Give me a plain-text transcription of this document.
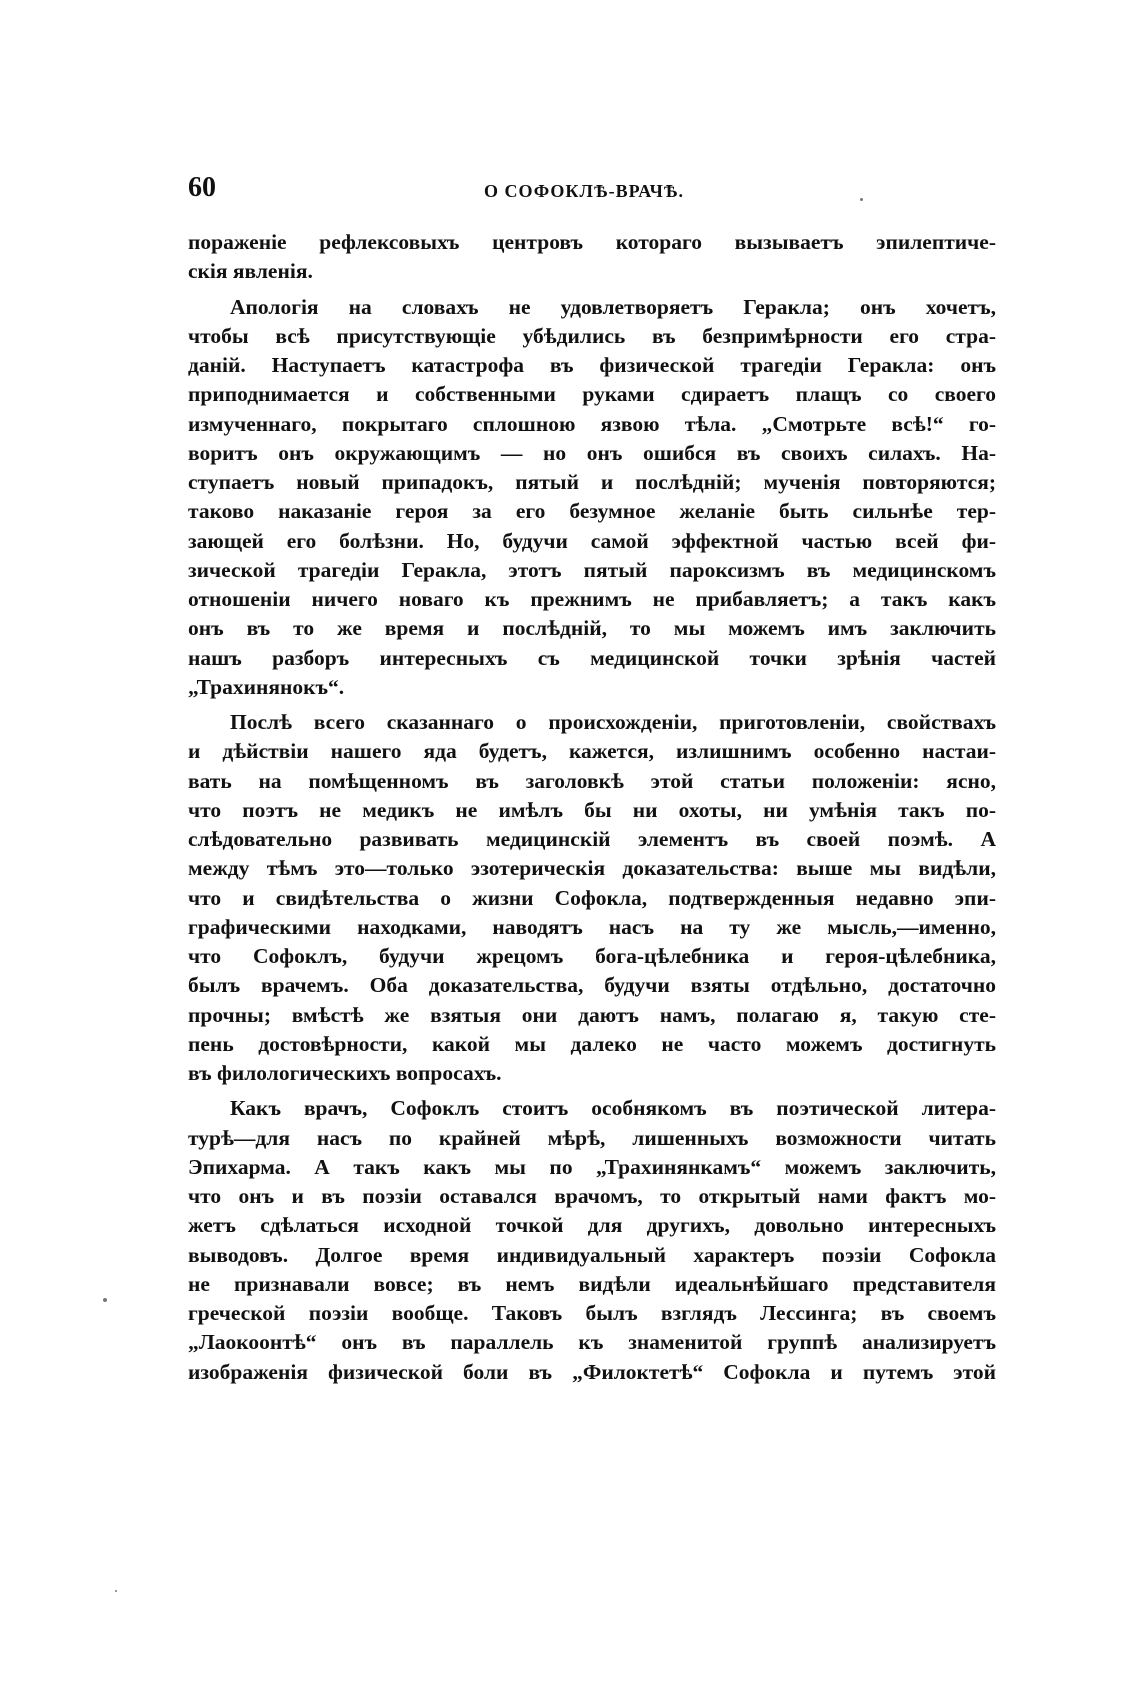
60	О СОФОКЛѢ-ВРАЧѢ.
пораженіе рефлексовыхъ центровъ котораго вызываетъ эпилептиче-
скія явленія.
Апологія на словахъ не удовлетворяетъ Геракла; онъ хочетъ,
чтобы всѣ присутствующіе убѣдились въ безпримѣрности его стра-
даній. Наступаетъ катастрофа въ физической трагедіи Геракла: онъ
приподнимается и собственными руками сдираетъ плащъ со своего
измученнаго, покрытаго сплошною язвою тѣла. „Смотрьте всѣ!“ го-
воритъ онъ окружающимъ — но онъ ошибся въ своихъ силахъ. На-
ступаетъ новый припадокъ, пятый и послѣдній; мученія повторяются;
таково наказаніе героя за его безумное желаніе быть сильнѣе тер-
зающей его болѣзни. Но, будучи самой эффектной частью всей фи-
зической трагедіи Геракла, этотъ пятый пароксизмъ въ медицинскомъ
отношеніи ничего новаго къ прежнимъ не прибавляетъ; а такъ какъ
онъ въ то же время и послѣдній, то мы можемъ имъ заключить
нашъ разборъ интересныхъ съ медицинской точки зрѣнія частей
„Трахинянокъ“.
Послѣ всего сказаннаго о происхожденіи, приготовленіи, свойствахъ
и дѣйствіи нашего яда будетъ, кажется, излишнимъ особенно настаи-
вать на помѣщенномъ въ заголовкѣ этой статьи положеніи: ясно,
что поэтъ не медикъ не имѣлъ бы ни охоты, ни умѣнія такъ по-
слѣдовательно развивать медицинскій элементъ въ своей поэмѣ. А
между тѣмъ это—только эзотерическія доказательства: выше мы видѣли,
что и свидѣтельства о жизни Софокла, подтвержденныя недавно эпи-
графическими находками, наводятъ насъ на ту же мысль,—именно,
что Софоклъ, будучи жрецомъ бога-цѣлебника и героя-цѣлебника,
былъ врачемъ. Оба доказательства, будучи взяты отдѣльно, достаточно
прочны; вмѣстѣ же взятыя они даютъ намъ, полагаю я, такую сте-
пень достовѣрности, какой мы далеко не часто можемъ достигнуть
въ филологическихъ вопросахъ.
Какъ врачъ, Софоклъ стоитъ особнякомъ въ поэтической литера-
турѣ—для насъ по крайней мѣрѣ, лишенныхъ возможности читать
Эпихарма. А такъ какъ мы по „Трахинянкамъ“ можемъ заключить,
что онъ и въ поэзіи оставался врачомъ, то открытый нами фактъ мо-
жетъ сдѣлаться исходной точкой для другихъ, довольно интересныхъ
выводовъ. Долгое время индивидуальный характеръ поэзіи Софокла
не признавали вовсе; въ немъ видѣли идеальнѣйшаго представителя
греческой поэзіи вообще. Таковъ былъ взглядъ Лессинга; въ своемъ
„Лаокоонтѣ“ онъ въ параллель къ знаменитой группѣ анализируетъ
изображенія физической боли въ „Филоктетѣ“ Софокла и путемъ этой
